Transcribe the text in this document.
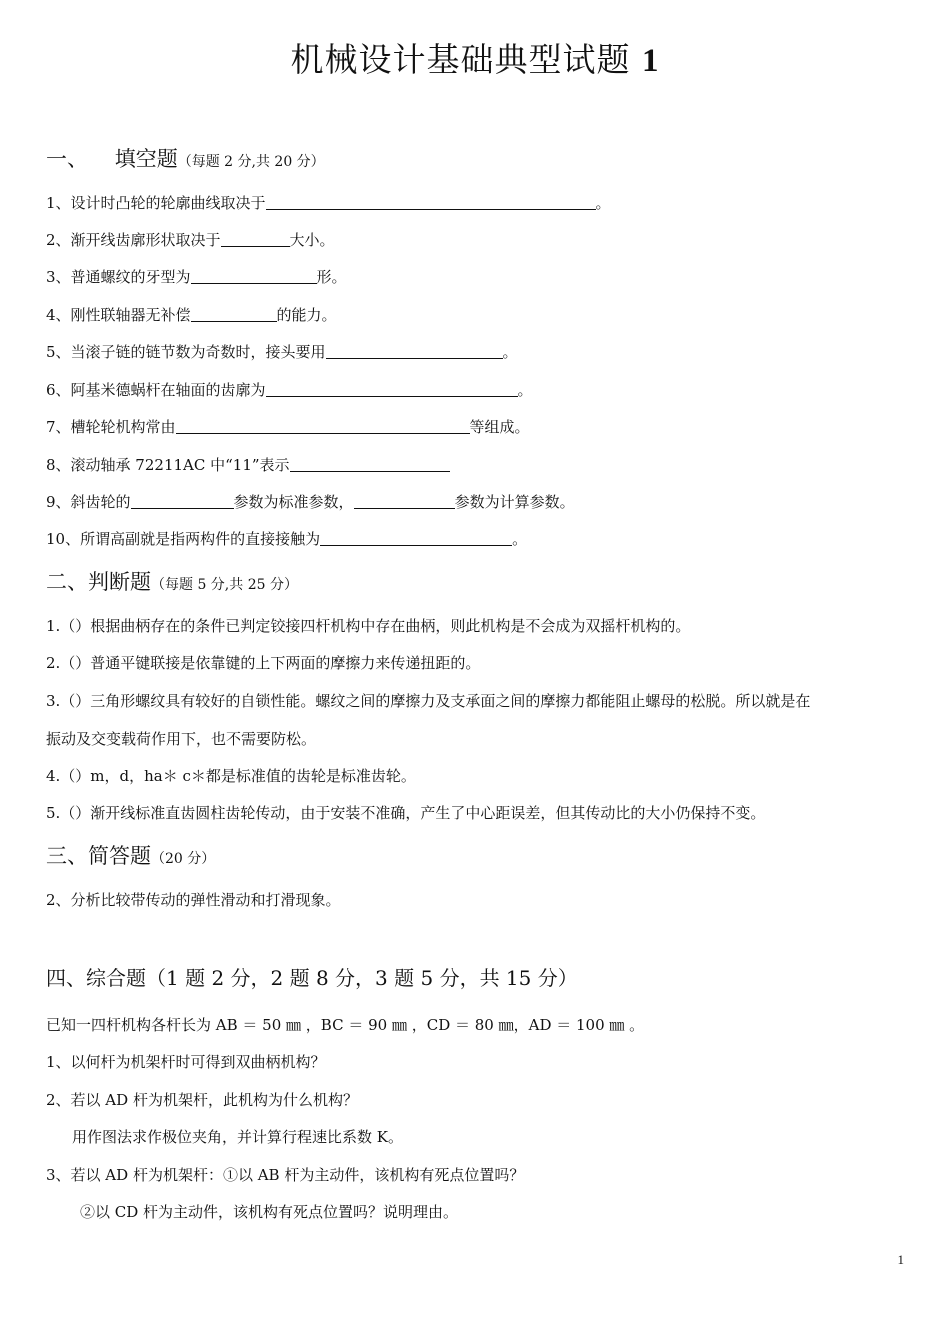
机械设计基础典型试题 1
一、    填空题（每题 2 分,共 20 分）
1、设计时凸轮的轮廓曲线取决于	。
2、渐开线齿廓形状取决于	大小。
3、普通螺纹的牙型为	形。
4、刚性联轴器无补偿	的能力。
5、当滚子链的链节数为奇数时，接头要用	。
6、阿基米德蜗杆在轴面的齿廓为	。
7、槽轮轮机构常由	等组成。
8、滚动轴承 72211AC 中“11”表示
9、斜齿轮的	参数为标准参数，	参数为计算参数。
10、所谓高副就是指两构件的直接接触为	。
二、判断题（每题 5 分,共 25 分）
1.（）根据曲柄存在的条件已判定铰接四杆机构中存在曲柄，则此机构是不会成为双摇杆机构的。
2.（）普通平键联接是依靠键的上下两面的摩擦力来传递扭距的。
3.（）三角形螺纹具有较好的自锁性能。螺纹之间的摩擦力及支承面之间的摩擦力都能阻止螺母的松脱。所以就是在
振动及交变载荷作用下，也不需要防松。
4.（）m，d，ha＊ c＊都是标准值的齿轮是标准齿轮。
5.（）渐开线标准直齿圆柱齿轮传动，由于安装不准确，产生了中心距误差，但其传动比的大小仍保持不变。
三、简答题（20 分）
2、分析比较带传动的弹性滑动和打滑现象。
四、综合题（1 题 2 分，2 题 8 分，3 题 5 分，共 15 分）
已知一四杆机构各杆长为 AB ＝ 50 ㎜ ，BC ＝ 90 ㎜ ，CD ＝ 80 ㎜，AD ＝ 100 ㎜ 。
1、以何杆为机架杆时可得到双曲柄机构？
2、若以 AD 杆为机架杆，此机构为什么机构？
用作图法求作极位夹角，并计算行程速比系数 K。
3、若以 AD 杆为机架杆：①以 AB 杆为主动件，该机构有死点位置吗？
②以 CD 杆为主动件，该机构有死点位置吗？说明理由。
1
